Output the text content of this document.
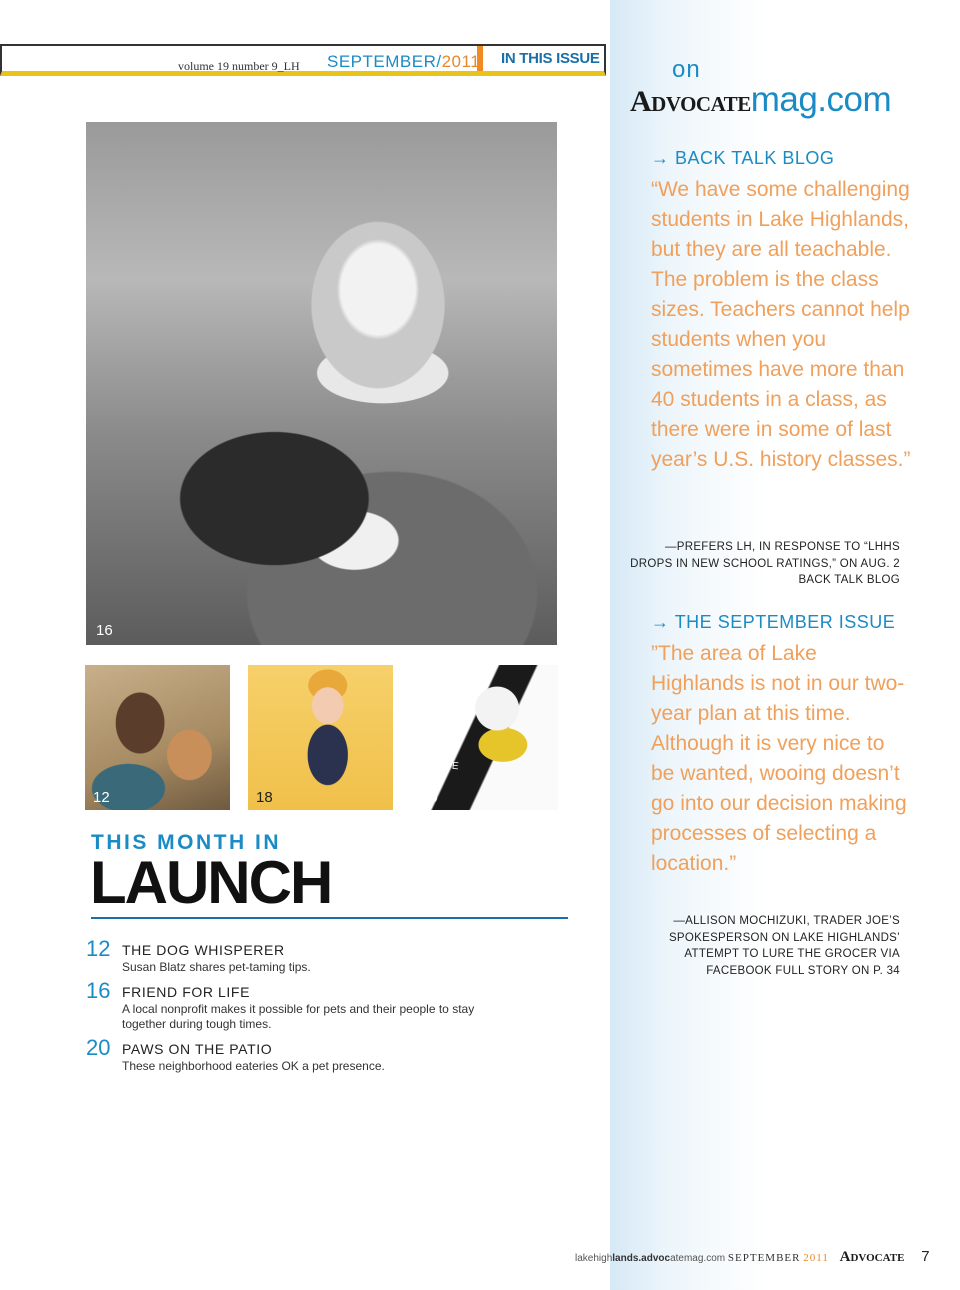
volume 19 number 9_LH SEPTEMBER/2011	IN THIS ISSUE	on
Advocatemag.com
16
12	18
E FIRST ATIO IN AS, WE TO BE VE TO E
20
THIS MONTH IN
LAUNCH
12 THE DOG WHISPERER
Susan Blatz shares pet-taming tips.
16 FRIEND FOR LIFE
A local nonprofit makes it possible for pets and their people to stay together during tough times.
20 PAWS ON THE PATIO
These neighborhood eateries OK a pet presence.
→ BACK TALK BLOG
“We have some challenging students in Lake Highlands, but they are all teachable. The problem is the class sizes. Teachers cannot help students when you sometimes have more than 40 students in a class, as there were in some of last year’s U.S. history classes.”
—PREFERS LH, IN RESPONSE TO “LHHS DROPS IN NEW SCHOOL RATINGS,” ON AUG. 2 BACK TALK BLOG
→ THE SEPTEMBER ISSUE
”The area of Lake Highlands is not in our two-year plan at this time. Although it is very nice to be wanted, wooing doesn’t go into our decision making processes of selecting a location.”
—ALLISON MOCHIZUKI, TRADER JOE’S SPOKESPERSON ON LAKE HIGHLANDS’ ATTEMPT TO LURE THE GROCER VIA FACEBOOK FULL STORY ON P. 34
lakehighlands.advocatemag.com SEPTEMBER 2011 Advocate 7
